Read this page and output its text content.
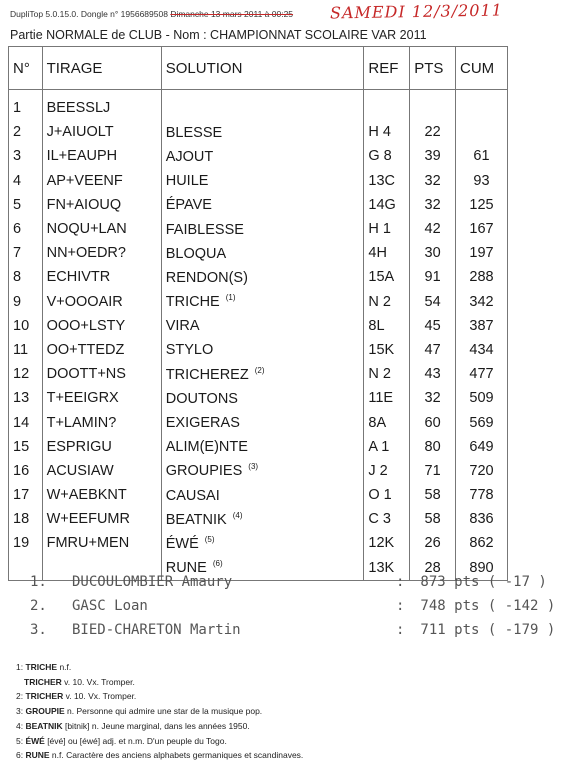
DupliTop 5.0.15.0. Dongle n° 1956689508 Dimanche 13 mars 2011 à 00:25 SAMEDI 12/3/2011
Partie NORMALE de CLUB - Nom : CHAMPIONNAT SCOLAIRE VAR 2011
N°	TIRAGE	SOLUTION	REF	PTS	CUM
1	BEESSLJ				
2	J+AIUOLT	BLESSE	H 4	22	
3	IL+EAUPH	AJOUT	G 8	39	61
4	AP+VEENF	HUILE	13C	32	93
5	FN+AIOUQ	ÉPAVE	14G	32	125
6	NOQU+LAN	FAIBLESSE	H 1	42	167
7	NN+OEDR?	BLOQUA	4H	30	197
8	ECHIVTR	RENDON(S)	15A	91	288
9	V+OOOAIR	TRICHE $^{(1)}$	N 2	54	342
10	OOO+LSTY	VIRA	8L	45	387
11	OO+TTEDZ	STYLO	15K	47	434
12	DOOTT+NS	TRICHEREZ $^{(2)}$	N 2	43	477
13	T+EEIGRX	DOUTONS	11E	32	509
14	T+LAMIN?	EXIGERAS	8A	60	569
15	ESPRIGU	ALIM(E)NTE	A 1	80	649
16	ACUSIAW	GROUPIES $^{(3)}$	J 2	71	720
17	W+AEBKNT	CAUSAI	O 1	58	778
18	W+EEFUMR	BEATNIK $^{(4)}$	C 3	58	836
19	FMRU+MEN	ÉWÉ $^{(5)}$	12K	26	862
		RUNE $^{(6)}$	13K	28	890
1. DUCOULOMBIER Amaury	: 873 pts ( -17 )
2. GASC Loan	: 748 pts ( -142 )
3. BIED-CHARETON Martin	: 711 pts ( -179 )
1: TRICHE n.f.
TRICHER v. 10. Vx. Tromper.
2: TRICHER v. 10. Vx. Tromper.
3: GROUPIE n. Personne qui admire une star de la musique pop.
4: BEATNIK [bitnik] n. Jeune marginal, dans les années 1950.
5: ÉWÉ [évé] ou [éwé] adj. et n.m. D'un peuple du Togo.
6: RUNE n.f. Caractère des anciens alphabets germaniques et scandinaves.
